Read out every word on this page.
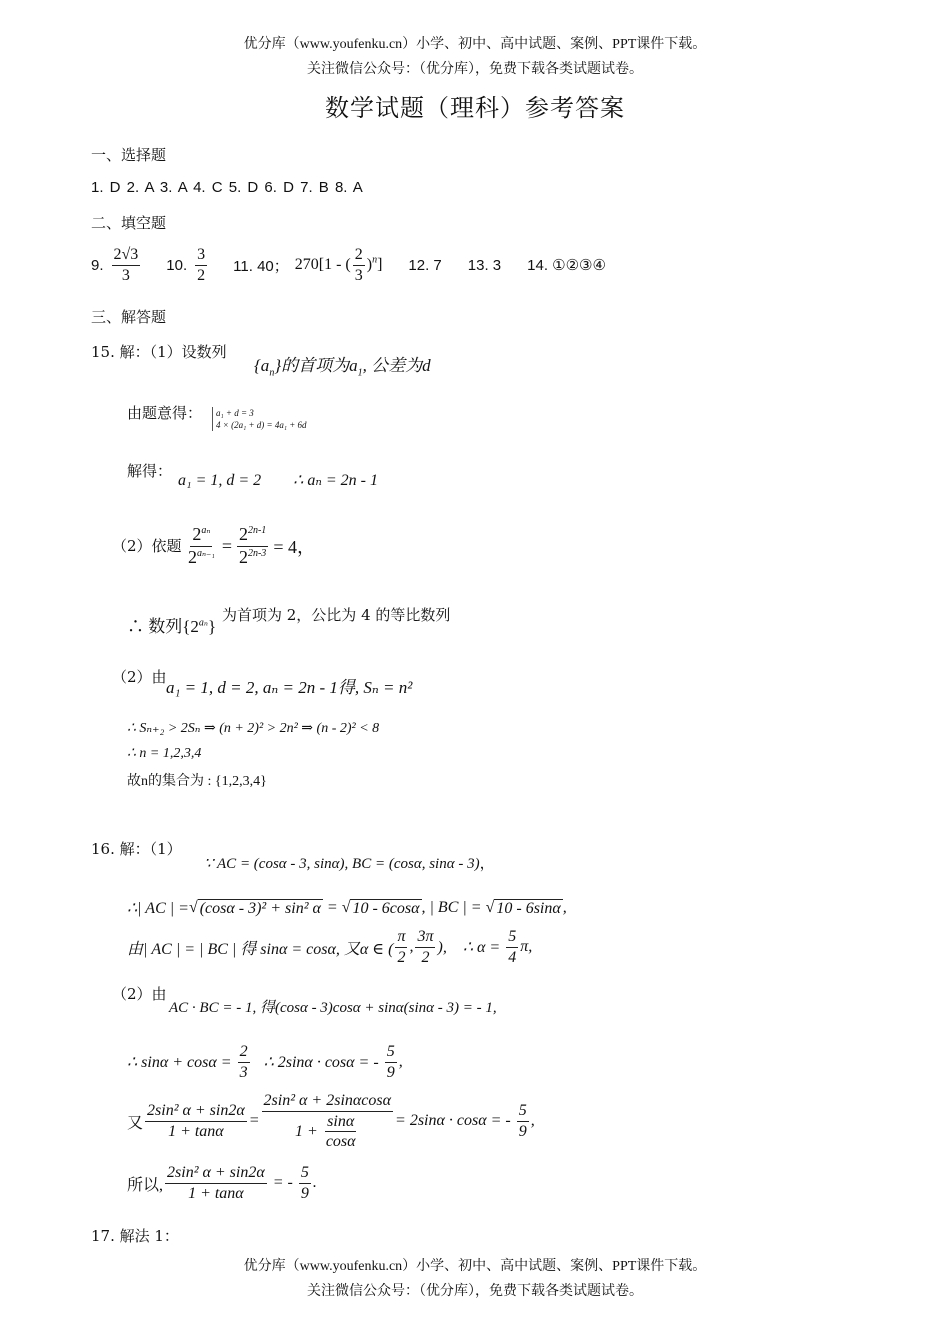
优分库（www.youfenku.cn）小学、初中、高中试题、案例、PPT课件下载。
关注微信公众号：（优分库），免费下载各类试题试卷。
数学试题（理科）参考答案
一、选择题
1. D 2. A 3. A 4. C 5. D 6. D 7. B 8. A
二、填空题
9. $\frac{2√3}{3} 10$. $\frac{3}{2} 11$. 40； 270[1 - ( $\frac{2}{3} )^n$] 12. 7 13. 3 14. ①②③④
三、解答题
15. 解：（1）设数列
$\{a_n\}$的首项为$a_1$, 公差为d
由题意得： a₁ + d = 3
4 × (2a₁ + d) = 4a₁ + 6d
解得：
a₁ = 1, d = 2        ∴ aₙ = 2n - 1
（2）依题 $\frac{2^{a_n}}{2^{a_{n-1}}} = \frac{2^{2n-1}}{2^{2n-3}} = 4$，
∴ 数列$\{2^{a_n}\}$
为首项为 2，公比为 4 的等比数列
（2）由
a₁ = 1, d = 2, aₙ = 2n - 1得, Sₙ = n²
∴ Sₙ₊₂ > 2Sₙ ⇒ (n + 2)² > 2n² ⇒ (n - 2)² < 8
∴ n = 1,2,3,4
故n的集合为 : {1,2,3,4}
16. 解：（1）
∵ AC = (cosα - 3, sinα), BC = (cosα, sinα - 3)，
∴| AC | = √ (cosα - 3)² + sin² α = √ 10 - 6cosα , | BC | = √ 10 - 6sinα ,
由| AC | = | BC | 得 sinα = cosα, 又α ∈ ( $\frac{\pi}{2}$ , $\frac{3\pi}{2}$ ),    ∴ $\alpha = \frac{5}{4} \pi$,
（2）由
AC · BC = - 1, 得(cosα - 3)cosα + sinα(sinα - 3) = - 1,
∴ $\sin\alpha + \cos\alpha = \frac{2}{3}$ ∴ 2sinα · cosα = - $\frac{5}{9}$ ,
又 $\frac{\text{2sin² α + sin2α}}{1 + \tan\alpha} = \frac{\text{2sin² α + 2sinαcosα}}{1 + \frac{\sin\alpha}{\cos\alpha}} = 2\sin\alpha \cdot \cos\alpha$ = - $\frac{5}{9}$ ,
所以, $\frac{\text{2sin² α + sin2α}}{1 + \tan\alpha}$ = - $\frac{5}{9}$ .
17. 解法 1：
优分库（www.youfenku.cn）小学、初中、高中试题、案例、PPT课件下载。
关注微信公众号：（优分库），免费下载各类试题试卷。
